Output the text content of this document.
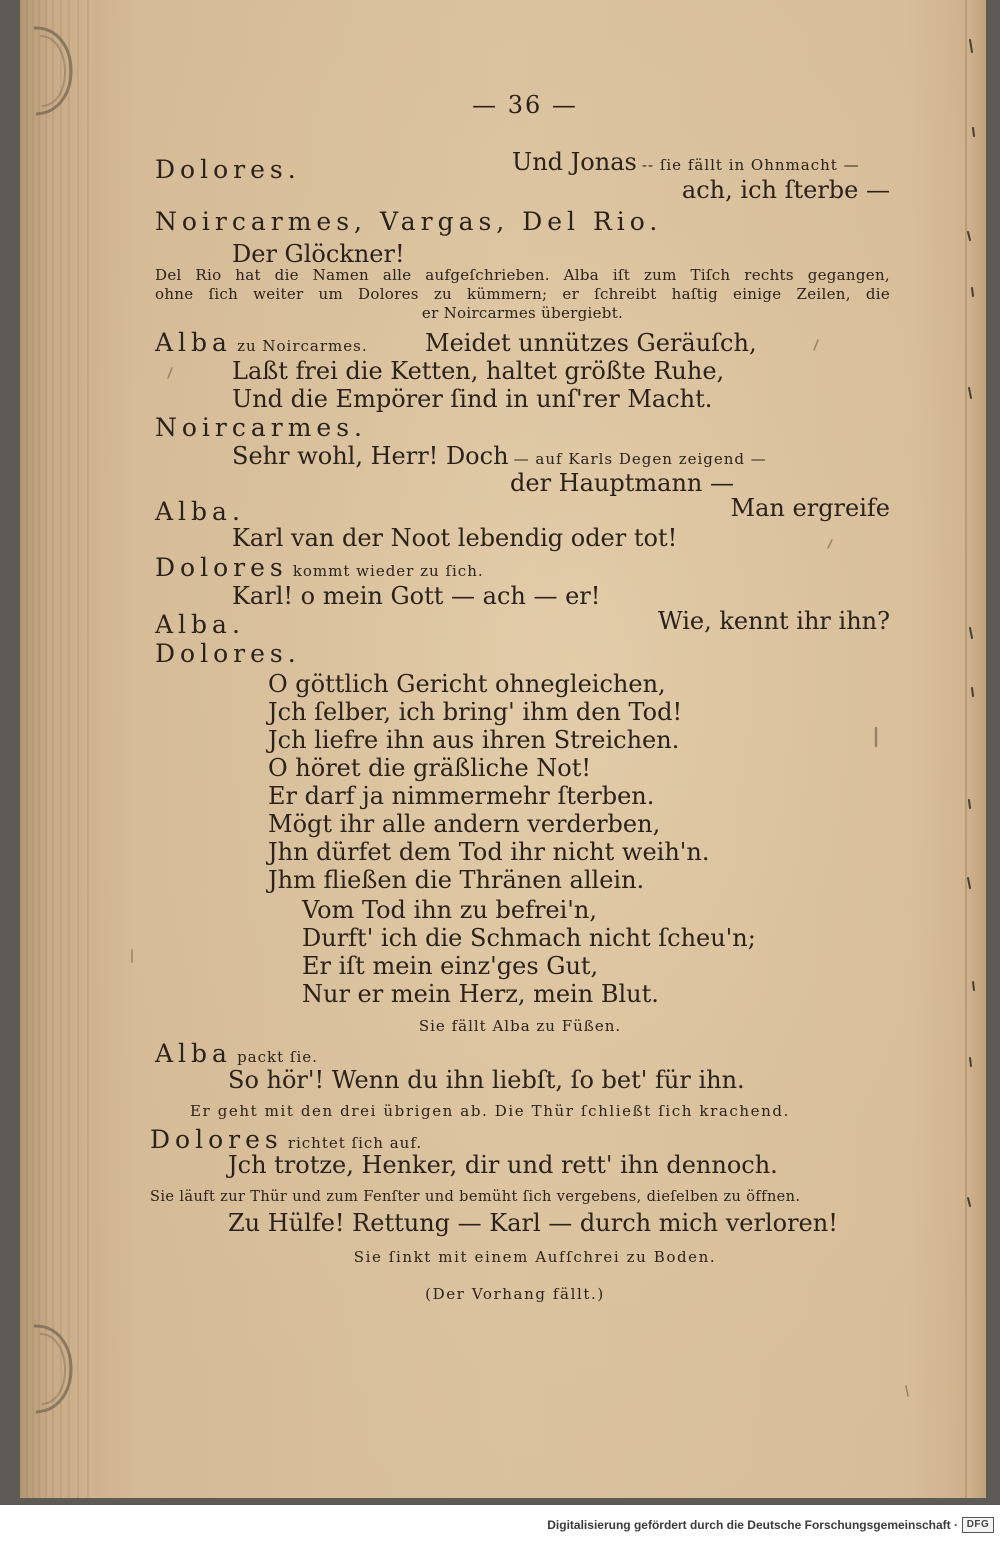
— 36 —
Dolores.	Und Jonas -- ſie fällt in Ohnmacht —
ach, ich ſterbe —
Noircarmes, Vargas, Del Rio.
Der Glöckner!
Del Rio hat die Namen alle aufgeſchrieben. Alba iſt zum Tiſch rechts gegangen,
ohne ſich weiter um Dolores zu kümmern; er ſchreibt haſtig einige Zeilen, die
er Noircarmes übergiebt.
Alba zu Noircarmes. Meidet unnützes Geräuſch,
Laßt frei die Ketten, haltet größte Ruhe,
Und die Empörer ſind in unſ'rer Macht.
Noircarmes.
Sehr wohl, Herr! Doch — auf Karls Degen zeigend —
der Hauptmann —
Alba.	Man ergreife
Karl van der Noot lebendig oder tot!
Dolores kommt wieder zu ſich.
Karl! o mein Gott — ach — er!
Alba.	Wie, kennt ihr ihn?
Dolores.
O göttlich Gericht ohnegleichen,
Jch ſelber, ich bring' ihm den Tod!
Jch liefre ihn aus ihren Streichen.
O höret die gräßliche Not!
Er darf ja nimmermehr ſterben.
Mögt ihr alle andern verderben,
Jhn dürfet dem Tod ihr nicht weih'n.
Jhm fließen die Thränen allein.
Vom Tod ihn zu befrei'n,
Durft' ich die Schmach nicht ſcheu'n;
Er iſt mein einz'ges Gut,
Nur er mein Herz, mein Blut.
Sie fällt Alba zu Füßen.
Alba packt ſie.
So hör'! Wenn du ihn liebſt, ſo bet' für ihn.
Er geht mit den drei übrigen ab. Die Thür ſchließt ſich krachend.
Dolores richtet ſich auf.
Jch trotze, Henker, dir und rett' ihn dennoch.
Sie läuft zur Thür und zum Fenſter und bemüht ſich vergebens, dieſelben zu öffnen.
Zu Hülfe! Rettung — Karl — durch mich verloren!
Sie ſinkt mit einem Aufſchrei zu Boden.
(Der Vorhang fällt.)
Digitalisierung gefördert durch die Deutsche Forschungsgemeinschaft · DFG
